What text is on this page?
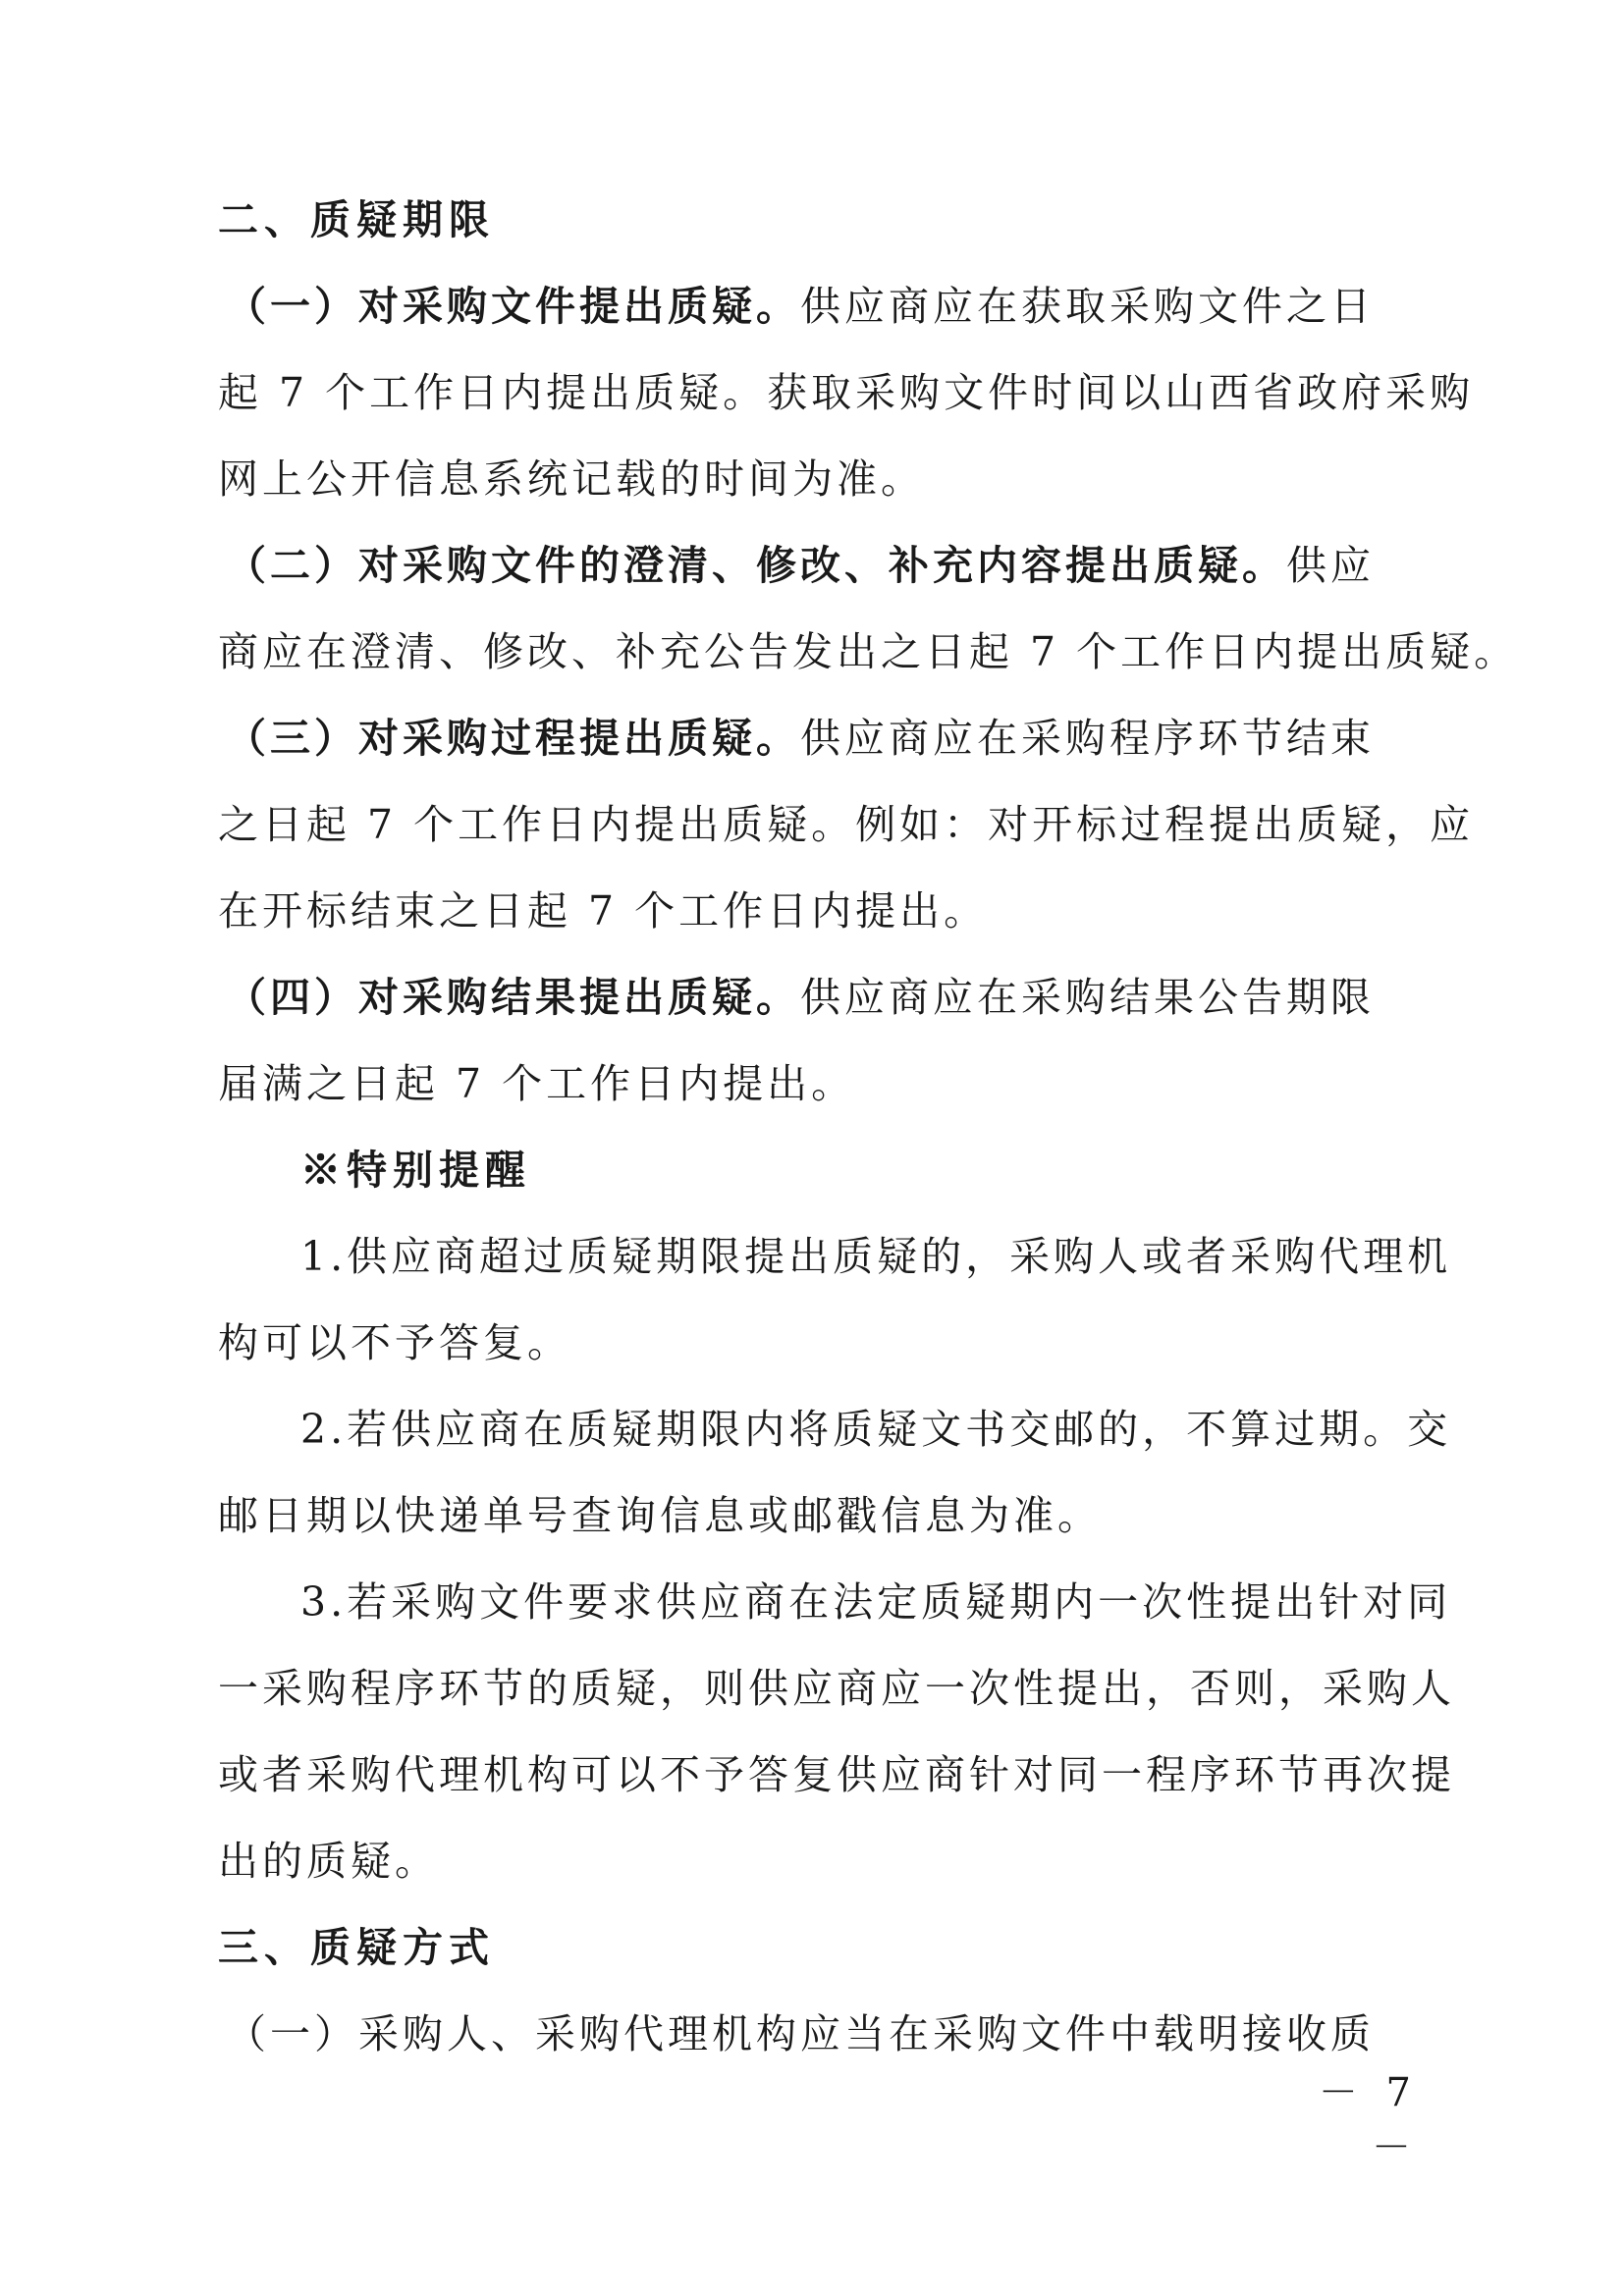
二、质疑期限
（一）对采购文件提出质疑。供应商应在获取采购文件之日
起 7 个工作日内提出质疑。获取采购文件时间以山西省政府采购
网上公开信息系统记载的时间为准。
（二）对采购文件的澄清、修改、补充内容提出质疑。供应
商应在澄清、修改、补充公告发出之日起 7 个工作日内提出质疑。
（三）对采购过程提出质疑。供应商应在采购程序环节结束
之日起 7 个工作日内提出质疑。例如：对开标过程提出质疑，应
在开标结束之日起 7 个工作日内提出。
（四）对采购结果提出质疑。供应商应在采购结果公告期限
届满之日起 7 个工作日内提出。
※特别提醒
1.供应商超过质疑期限提出质疑的，采购人或者采购代理机
构可以不予答复。
2.若供应商在质疑期限内将质疑文书交邮的，不算过期。交
邮日期以快递单号查询信息或邮戳信息为准。
3.若采购文件要求供应商在法定质疑期内一次性提出针对同
一采购程序环节的质疑，则供应商应一次性提出，否则，采购人
或者采购代理机构可以不予答复供应商针对同一程序环节再次提
出的质疑。
三、质疑方式
（一）采购人、采购代理机构应当在采购文件中载明接收质
－ 7 －
